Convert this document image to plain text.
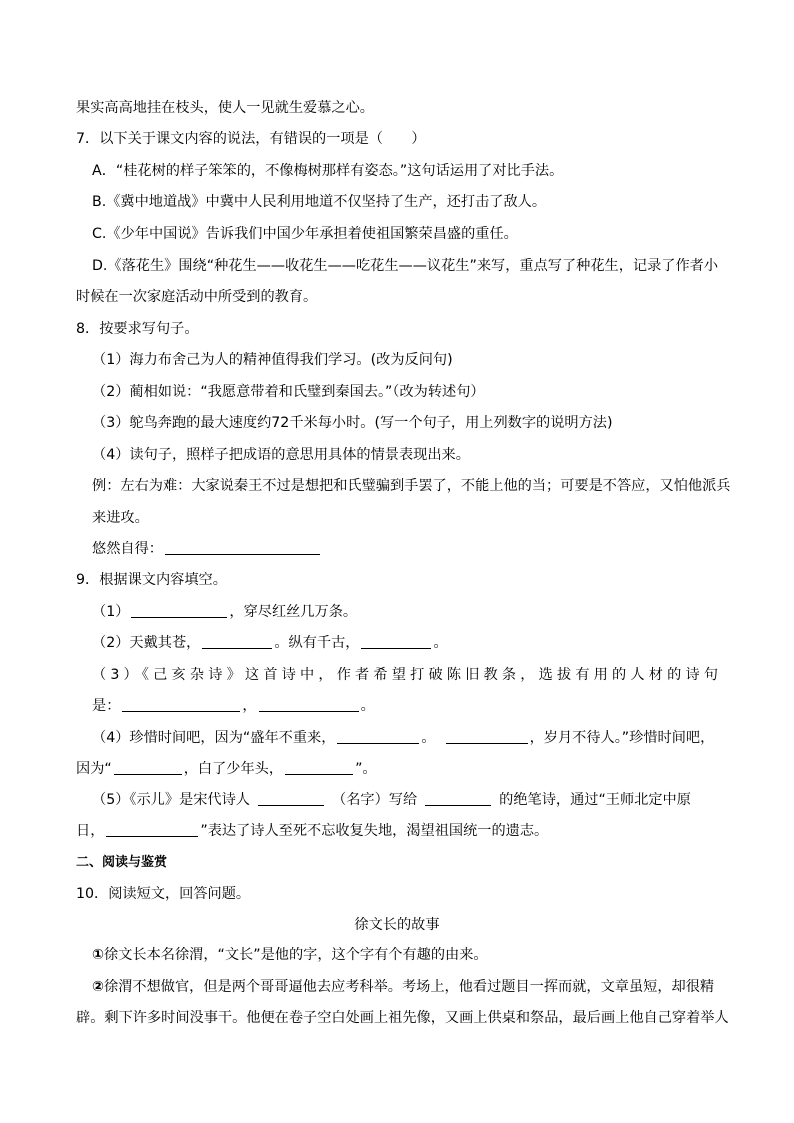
果实高高地挂在枝头，使人一见就生爱慕之心。
7．以下关于课文内容的说法，有错误的一项是（　　）
A．“桂花树的样子笨笨的，不像梅树那样有姿态。”这句话运用了对比手法。
B.《冀中地道战》中冀中人民利用地道不仅坚持了生产，还打击了敌人。
C.《少年中国说》告诉我们中国少年承担着使祖国繁荣昌盛的重任。
D.《落花生》围绕“种花生——收花生——吃花生——议花生”来写，重点写了种花生，记录了作者小
时候在一次家庭活动中所受到的教育。
8．按要求写句子。
（1）海力布舍己为人的精神值得我们学习。(改为反问句)
（2）蔺相如说：“我愿意带着和氏璧到秦国去。”（改为转述句）
（3）鸵鸟奔跑的最大速度约72千米每小时。(写一个句子，用上列数字的说明方法)
（4）读句子，照样子把成语的意思用具体的情景表现出来。
例：左右为难：大家说秦王不过是想把和氏璧骗到手罢了，不能上他的当；可要是不答应，又怕他派兵
来进攻。
悠然自得：
9．根据课文内容填空。
（1）	，穿尽红丝几万条。
（2）天戴其苍，	。纵有千古，	。
（3）《己亥杂诗》这首诗中，作者希望打破陈旧教条，选拔有用的人材的诗句
是：	，	。
（4）珍惜时间吧，因为“盛年不重来，	。	，岁月不待人。”珍惜时间吧，
因为“	，白了少年头，	”。
（5）《示儿》是宋代诗人	（名字）写给	的绝笔诗，通过“王师北定中原
日，	”表达了诗人至死不忘收复失地，渴望祖国统一的遗志。
二、阅读与鉴赏
10．阅读短文，回答问题。
徐文长的故事
①徐文长本名徐渭，“文长”是他的字，这个字有个有趣的由来。
②徐渭不想做官，但是两个哥哥逼他去应考科举。考场上，他看过题目一挥而就，文章虽短，却很精
辟。剩下许多时间没事干。他便在卷子空白处画上祖先像，又画上供桌和祭品，最后画上他自己穿着举人
